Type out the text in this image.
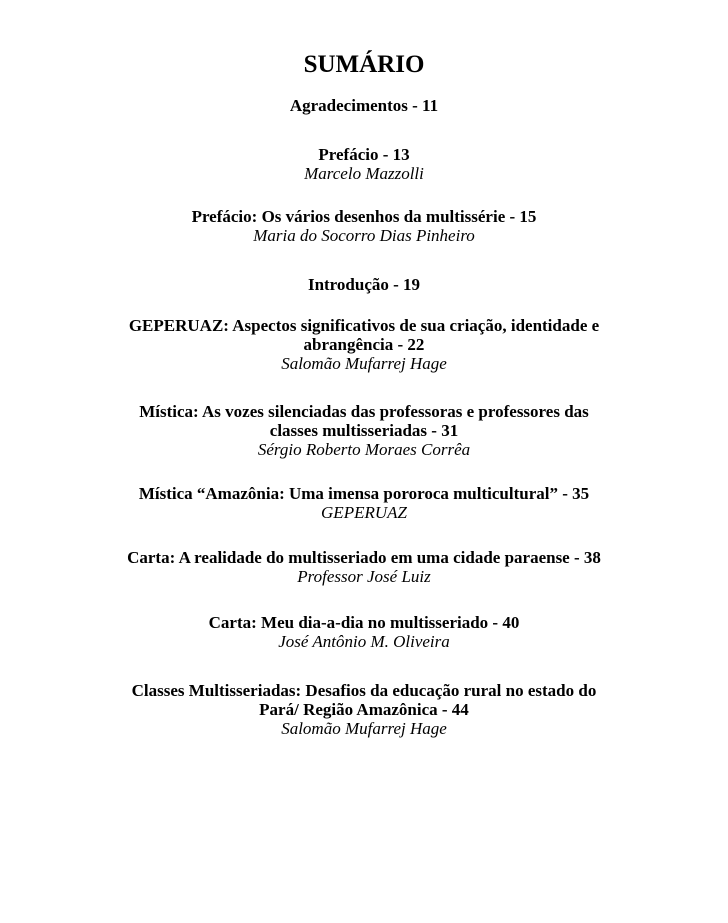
SUMÁRIO
Agradecimentos - 11
Prefácio - 13
Marcelo Mazzolli
Prefácio: Os vários desenhos da multissérie - 15
Maria do Socorro Dias Pinheiro
Introdução - 19
GEPERUAZ: Aspectos significativos de sua criação, identidade e
abrangência - 22
Salomão Mufarrej Hage
Mística: As vozes silenciadas das professoras e professores das
classes multisseriadas - 31
Sérgio Roberto Moraes Corrêa
Mística “Amazônia: Uma imensa pororoca multicultural” - 35
GEPERUAZ
Carta: A realidade do multisseriado em uma cidade paraense - 38
Professor José Luiz
Carta: Meu dia-a-dia no multisseriado - 40
José Antônio M. Oliveira
Classes Multisseriadas: Desafios da educação rural no estado do
Pará/ Região Amazônica - 44
Salomão Mufarrej Hage
